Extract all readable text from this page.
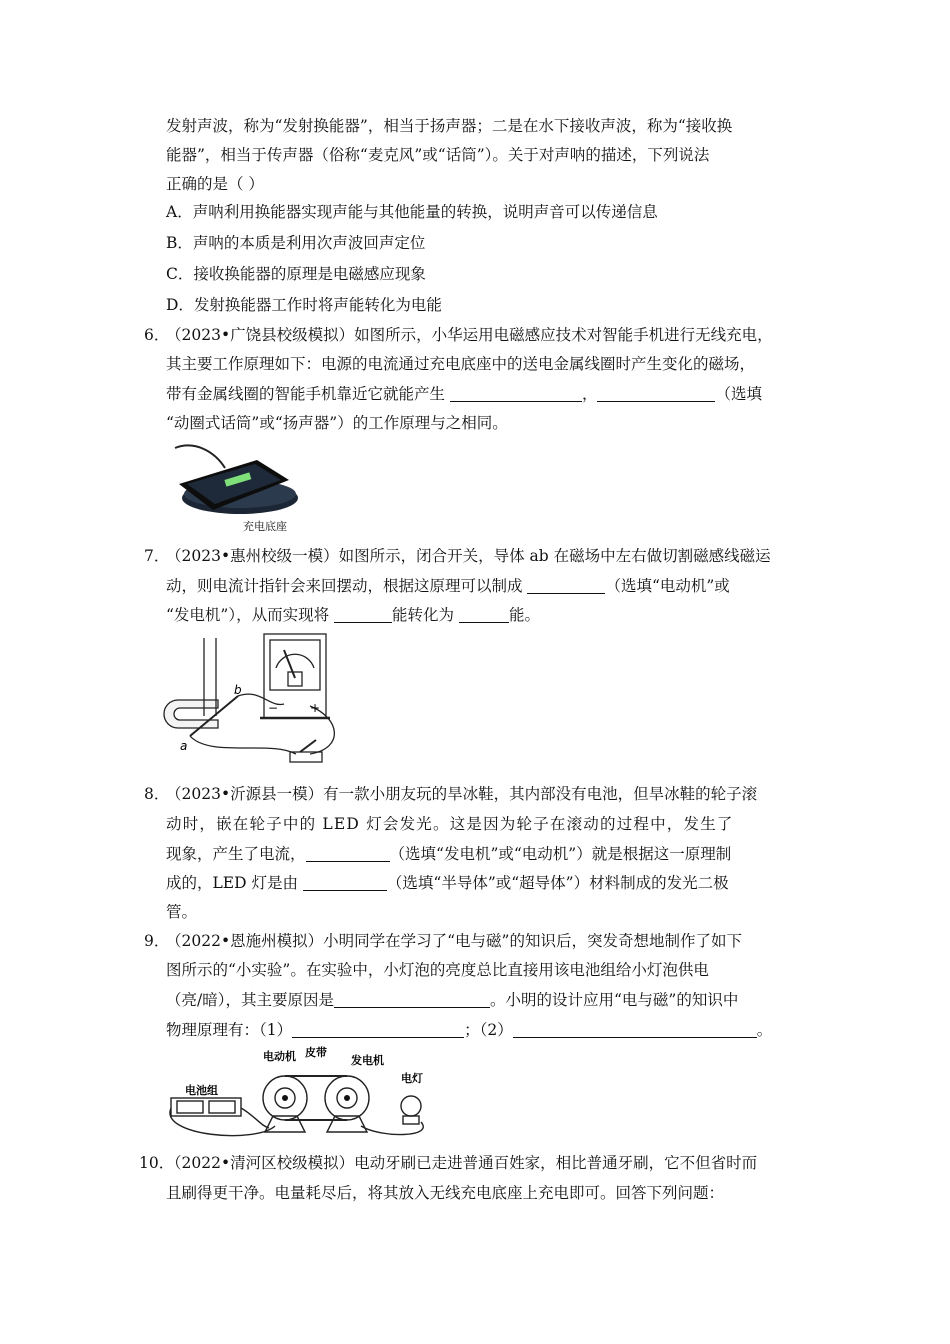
发射声波，称为“发射换能器”，相当于扬声器；二是在水下接收声波，称为“接收换
能器”，相当于传声器（俗称“麦克风”或“话筒”）。关于对声呐的描述，下列说法
正确的是（ ）
A．声呐利用换能器实现声能与其他能量的转换，说明声音可以传递信息
B．声呐的本质是利用次声波回声定位
C．接收换能器的原理是电磁感应现象
D．发射换能器工作时将声能转化为电能
6．
（2023•广饶县校级模拟）如图所示，小华运用电磁感应技术对智能手机进行无线充电，
其主要工作原理如下：电源的电流通过充电底座中的送电金属线圈时产生变化的磁场，
带有金属线圈的智能手机靠近它就能产生	，	（选填
“动圈式话筒”或“扬声器”）的工作原理与之相同。
充电底座
7．
（2023•惠州校级一模）如图所示，闭合开关，导体 ab 在磁场中左右做切割磁感线磁运
动，则电流计指针会来回摆动，根据这原理可以制成	（选填“电动机”或
“发电机”），从而实现将	能转化为	能。
−	+
b
a
8．
（2023•沂源县一模）有一款小朋友玩的旱冰鞋，其内部没有电池，但旱冰鞋的轮子滚
动时，嵌在轮子中的 LED 灯会发光。这是因为轮子在滚动的过程中，发生了
现象，产生了电流，	（选填“发电机”或“电动机”）就是根据这一原理制
成的，LED 灯是由	（选填“半导体”或“超导体”）材料制成的发光二极
管。
9．
（2022•恩施州模拟）小明同学在学习了“电与磁”的知识后，突发奇想地制作了如下
图所示的“小实验”。在实验中，小灯泡的亮度总比直接用该电池组给小灯泡供电
（亮/暗），其主要原因是	。小明的设计应用“电与磁”的知识中
物理原理有：（1）	；（2）	。
电池组
电动机 皮带
发电机
电灯
10．
（2022•清河区校级模拟）电动牙刷已走进普通百姓家，相比普通牙刷，它不但省时而
且刷得更干净。电量耗尽后，将其放入无线充电底座上充电即可。回答下列问题：
